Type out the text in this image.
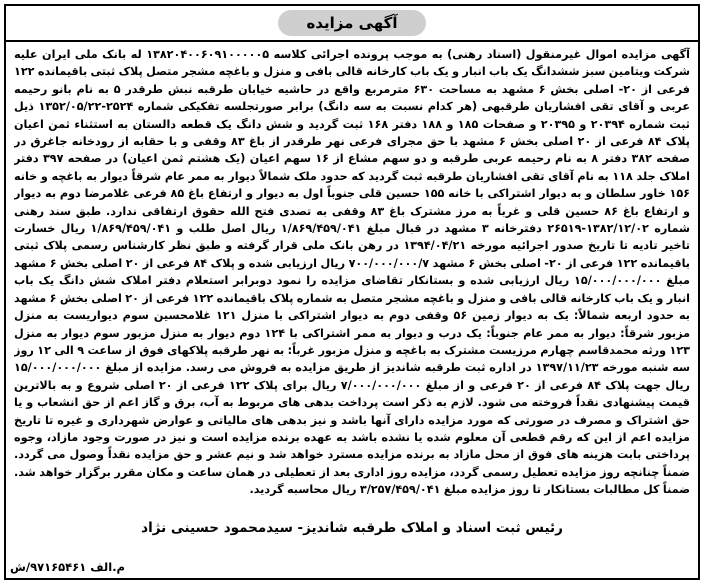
آگهی مزایده

آگهی مزایده اموال غیرمنقول (اسناد رهنی) به موجب پرونده اجرائی کلاسه ۱۳۸۲۰۴۰۰۶۰۹۱۰۰۰۰۰۵ له بانک ملی ایران علیه شرکت ویتامین سبز ششدانگ یک باب انبار و یک باب کارخانه قالی بافی و منزل و باغچه مشجر متصل پلاک ثبتی باقیمانده ۱۲۲ فرعی از ۲۰- اصلی بخش ۶ مشهد به مساحت ۶۳۰ مترمربع واقع در حاشیه خیابان طرقبه نبش طرقدر ۵ به نام بانو رحیمه عربی و آقای تقی افشاریان طرقبهی (هر کدام نسبت به سه دانگ) برابر صورتجلسه تفکیکی شماره ۲۵۲۴-۱۳۵۲/۰۵/۲۲ ذیل ثبت شماره ۲۰۳۹۴ و ۲۰۳۹۵ و صفحات ۱۸۵ و ۱۸۸ دفتر ۱۶۸ ثبت گردید و شش دانگ یک قطعه دالستان به استثناء ثمن اعیان پلاک ۸۴ فرعی از ۲۰ اصلی بخش ۶ مشهد با حق مجرای فرعی نهر طرقدر از باغ ۸۳ وقفی و با حقابه از رودخانه جاغرق در صفحه ۳۸۲ دفتر ۸ به نام رحیمه عربی طرقبه و دو سهم مشاع از ۱۶ سهم اعیان (یک هشتم ثمن اعیان) در صفحه ۳۹۷ دفتر املاک جلد ۱۱۸ به نام آقای تقی افشاریان طرقبه ثبت گردید که حدود ملک شمالاً دیوار به ممر عام شرقاً دیوار به باغچه و خانه ۱۵۶ خاور سلطان و به دیوار اشتراکی با خانه ۱۵۵ حسین قلی جنوباً اول به دیوار و ارتفاع باغ ۸۵ فرعی غلامرضا دوم به دیوار و ارتفاع باغ ۸۶ حسین قلی و غرباً به مرز مشترک باغ ۸۳ وقفی به تصدی فتح الله حقوق ارتفاقی ندارد. طبق سند رهنی شماره ۱۳۸۲/۱۲/۰۲-۲۶۵۱۹ دفترخانه ۳ مشهد در قبال مبلغ ۱/۸۶۹/۴۵۹/۰۴۱ ریال اصل طلب و ۱/۸۶۹/۴۵۹/۰۴۱ ریال خسارت تاخیر تادیه تا تاریخ صدور اجرائیه مورخه ۱۳۹۴/۰۴/۲۱ در رهن بانک ملی قرار گرفته و طبق نظر کارشناس رسمی پلاک ثبتی باقیمانده ۱۲۲ فرعی از ۲۰- اصلی بخش ۶ مشهد ۷۰۰/۰۰۰/۰۰۰/۷ ریال ارزیابی شده و پلاک ۸۴ فرعی از ۲۰ اصلی بخش ۶ مشهد مبلغ ۱۵/۰۰۰/۰۰۰/۰۰۰ ریال ارزیابی شده و بستانکار تقاضای مزایده را نمود دوبرابر استعلام دفتر املاک شش دانگ یک باب انبار و یک باب کارخانه قالی بافی و منزل و باغچه مشجر متصل به شماره پلاک باقیمانده ۱۲۲ فرعی از ۲۰ اصلی بخش ۶ مشهد به حدود اربعه شمالاً: یک به دیوار زمین ۵۶ وقفی دوم به دیوار اشتراکی با منزل ۱۲۱ غلامحسین سوم دیواریست به منزل مزبور شرقاً: دیوار به ممر عام جنوباً: یک درب و دیوار به ممر اشتراکی با ۱۲۴ دوم دیوار به منزل مزبور سوم دیوار به منزل ۱۲۳ ورثه محمدقاسم چهارم مرزیست مشترک به باغچه و منزل مزبور غرباً: به نهر طرقبه پلاکهای فوق از ساعت ۹ الی ۱۲ روز سه شنبه مورخه ۱۳۹۷/۱۱/۲۳ در اداره ثبت طرقبه شاندیز از طریق مزایده به فروش می رسد. مزایده از مبلغ ۱۵/۰۰۰/۰۰۰/۰۰۰ ریال جهت پلاک ۸۴ فرعی از ۲۰ فرعی و از مبلغ ۷/۰۰۰/۰۰۰/۰۰۰ ریال برای پلاک ۱۲۲ فرعی از ۲۰ اصلی شروع و به بالاترین قیمت پیشنهادی نقداً فروخته می شود. لازم به ذکر است پرداخت بدهی های مربوط به آب، برق و گاز اعم از حق انشعاب و یا حق اشتراک و مصرف در صورتی که مورد مزایده دارای آنها باشد و نیز بدهی های مالیاتی و عوارض شهرداری و غیره تا تاریخ مزایده اعم از این که رقم قطعی آن معلوم شده یا نشده باشد به عهده برنده مزایده است و نیز در صورت وجود مازاد، وجوه پرداختی بابت هزینه های فوق از محل مازاد به برنده مزایده مسترد خواهد شد و نیم عشر و حق مزایده نقداً وصول می گردد. ضمناً چنانچه روز مزایده تعطیل رسمی گردد، مزایده روز اداری بعد از تعطیلی در همان ساعت و مکان مقرر برگزار خواهد شد. ضمناً کل مطالبات بستانکار تا روز مزایده مبلغ ۳/۲۵۷/۴۵۹/۰۴۱ ریال محاسبه گردید.

رئیس ثبت اسناد و املاک طرقبه شاندیز- سیدمحمود حسینی نژاد
م.الف ۹۷۱۶۵۴۶۱/ش
